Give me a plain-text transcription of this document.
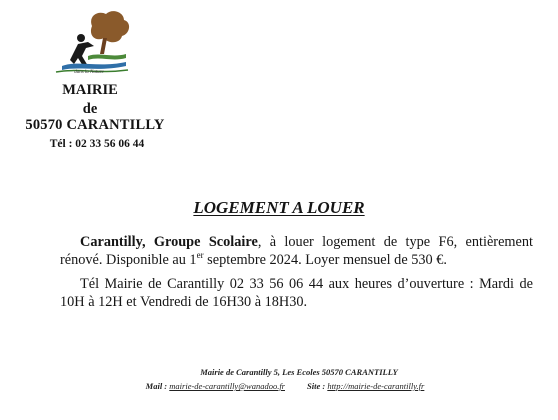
dans la Nature
MAIRIE
de
50570 CARANTILLY
Tél : 02 33 56 06 44
LOGEMENT A LOUER
Carantilly, Groupe Scolaire, à louer logement de type F6, entièrement rénové. Disponible au 1er septembre 2024. Loyer mensuel de 530 €.
Tél Mairie de Carantilly 02 33 56 06 44 aux heures d’ouverture : Mardi de 10H à 12H et Vendredi de 16H30 à 18H30.
Mairie de Carantilly 5, Les Ecoles 50570 CARANTILLY
Mail : mairie-de-carantilly@wanadoo.fr	Site : http://mairie-de-carantilly.fr
